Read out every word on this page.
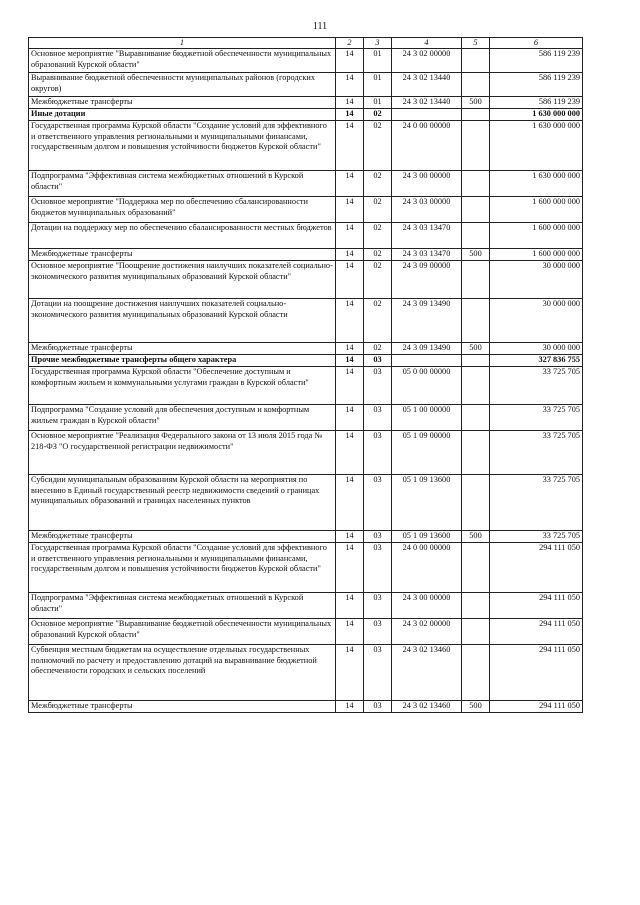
111
1	2	3	4	5	6
Основное мероприятие "Выравнивание бюджетной обеспеченности муниципальных образований Курской области"	14	01	24 3 02 00000		586 119 239
Выравнивание бюджетной обеспеченности муниципальных районов (городских округов)	14	01	24 3 02 13440		586 119 239
Межбюджетные трансферты	14	01	24 3 02 13440	500	586 119 239
Иные дотации	14	02			1 630 000 000
Государственная программа Курской области "Создание условий для эффективного и ответственного управления региональными и муниципальными финансами, государственным долгом и повышения устойчивости бюджетов Курской области"	14	02	24 0 00 00000		1 630 000 000
Подпрограмма "Эффективная система межбюджетных отношений в Курской области"	14	02	24 3 00 00000		1 630 000 000
Основное мероприятие "Поддержка мер по обеспечению сбалансированности бюджетов муниципальных образований"	14	02	24 3 03 00000		1 600 000 000
Дотации на поддержку мер по обеспечению сбалансированности местных бюджетов	14	02	24 3 03 13470		1 600 000 000
Межбюджетные трансферты	14	02	24 3 03 13470	500	1 600 000 000
Основное мероприятие "Поощрение достижения наилучших показателей социально-экономического развития муниципальных образований Курской области"	14	02	24 3 09 00000		30 000 000
Дотации на поощрение достижения наилучших показателей социально-экономического развития муниципальных образований Курской области	14	02	24 3 09 13490		30 000 000
Межбюджетные трансферты	14	02	24 3 09 13490	500	30 000 000
Прочие межбюджетные трансферты общего характера	14	03			327 836 755
Государственная программа Курской области "Обеспечение доступным и комфортным жильем и коммунальными услугами граждан в Курской области"	14	03	05 0 00 00000		33 725 705
Подпрограмма "Создание условий для обеспечения доступным и комфортным жильем граждан в Курской области"	14	03	05 1 00 00000		33 725 705
Основное мероприятие "Реализация Федерального закона от 13 июля 2015 года № 218-ФЗ "О государственной регистрации недвижимости"	14	03	05 1 09 00000		33 725 705
Субсидии муниципальным образованиям Курской области на мероприятия по внесению в Единый государственный реестр недвижимости сведений о границах муниципальных образований и границах населенных пунктов	14	03	05 1 09 13600		33 725 705
Межбюджетные трансферты	14	03	05 1 09 13600	500	33 725 705
Государственная программа Курской области "Создание условий для эффективного и ответственного управления региональными и муниципальными финансами, государственным долгом и повышения устойчивости бюджетов Курской области"	14	03	24 0 00 00000		294 111 050
Подпрограмма "Эффективная система межбюджетных отношений в Курской области"	14	03	24 3 00 00000		294 111 050
Основное мероприятие "Выравнивание бюджетной обеспеченности муниципальных образований Курской области"	14	03	24 3 02 00000		294 111 050
Субвенция местным бюджетам на осуществление отдельных государственных полномочий по расчету и предоставлению дотаций на выравнивание бюджетной обеспеченности городских и сельских поселений	14	03	24 3 02 13460		294 111 050
Межбюджетные трансферты	14	03	24 3 02 13460	500	294 111 050
